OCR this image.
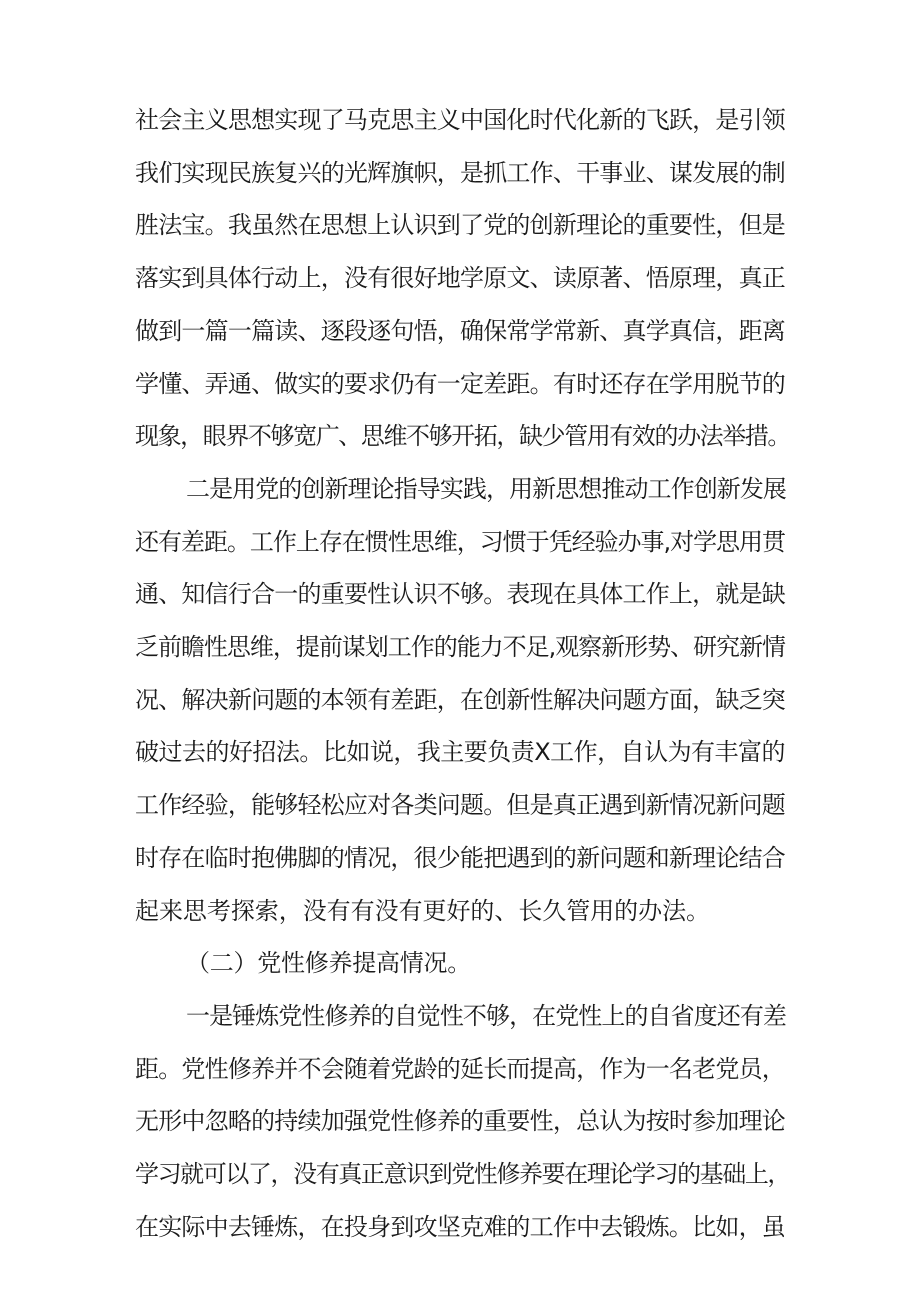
社会主义思想实现了马克思主义中国化时代化新的飞跃，是引领
我们实现民族复兴的光辉旗帜，是抓工作、干事业、谋发展的制
胜法宝。我虽然在思想上认识到了党的创新理论的重要性，但是
落实到具体行动上，没有很好地学原文、读原著、悟原理，真正
做到一篇一篇读、逐段逐句悟，确保常学常新、真学真信，距离
学懂、弄通、做实的要求仍有一定差距。有时还存在学用脱节的
现象，眼界不够宽广、思维不够开拓，缺少管用有效的办法举措。
二是用党的创新理论指导实践，用新思想推动工作创新发展
还有差距。工作上存在惯性思维，习惯于凭经验办事,对学思用贯
通、知信行合一的重要性认识不够。表现在具体工作上，就是缺
乏前瞻性思维，提前谋划工作的能力不足,观察新形势、研究新情
况、解决新问题的本领有差距，在创新性解决问题方面，缺乏突
破过去的好招法。比如说，我主要负责X工作，自认为有丰富的
工作经验，能够轻松应对各类问题。但是真正遇到新情况新问题
时存在临时抱佛脚的情况，很少能把遇到的新问题和新理论结合
起来思考探索，没有有没有更好的、长久管用的办法。
（二）党性修养提高情况。
一是锤炼党性修养的自觉性不够，在党性上的自省度还有差
距。党性修养并不会随着党龄的延长而提高，作为一名老党员，
无形中忽略的持续加强党性修养的重要性，总认为按时参加理论
学习就可以了，没有真正意识到党性修养要在理论学习的基础上，
在实际中去锤炼，在投身到攻坚克难的工作中去锻炼。比如，虽
